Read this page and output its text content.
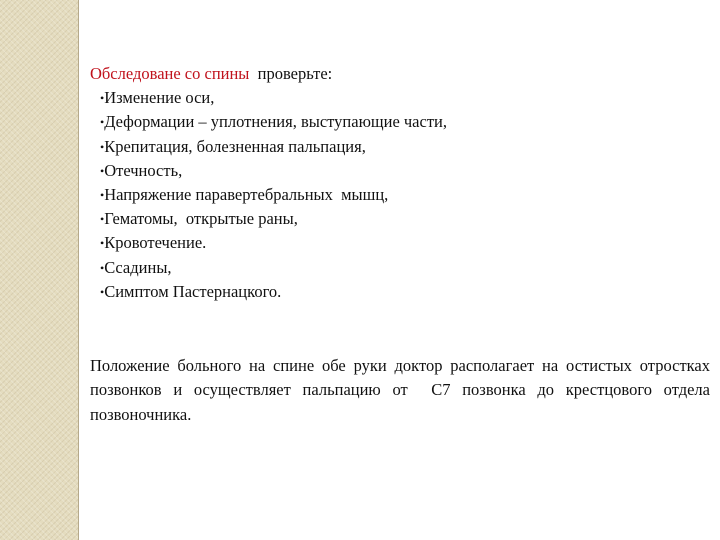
Обследоване со спины  проверьте:
•Изменение оси,
•Деформации – уплотнения, выступающие части,
•Крепитация, болезненная пальпация,
•Отечность,
•Напряжение паравертебральных  мышц,
•Гематомы,  открытые раны,
•Кровотечение.
•Ссадины,
•Симптом Пастернацкого.

Положение больного на спине обе руки доктор располагает на остистых отростках позвонков и осуществляет пальпацию от  С7 позвонка до крестцового отдела позвоночника.
